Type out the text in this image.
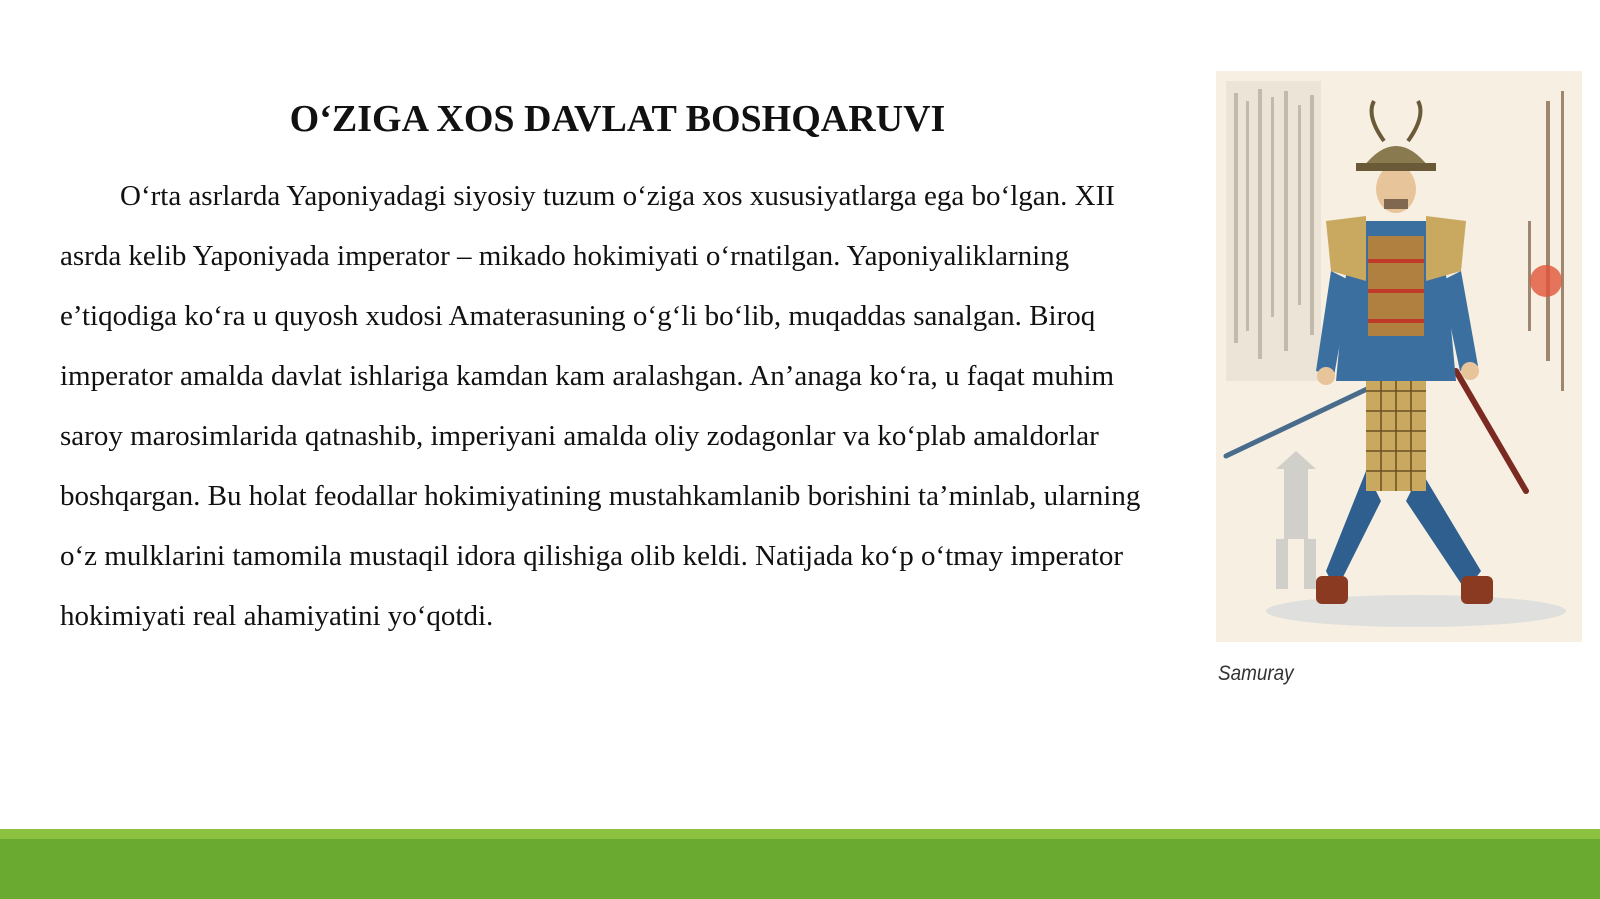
O‘ZIGA XOS DAVLAT BOSHQARUVI

O‘rta asrlarda Yaponiyadagi siyosiy tuzum o‘ziga xos xususiyatlarga ega bo‘lgan. XII asrda kelib Yaponiyada imperator – mikado hokimiyati o‘rnatilgan. Yaponiyaliklarning e’tiqodiga ko‘ra u quyosh xudosi Amaterasuning o‘g‘li bo‘lib, muqaddas sanalgan. Biroq imperator amalda davlat ishlariga kamdan kam aralashgan. An’anaga ko‘ra, u faqat muhim saroy marosimlarida qatnashib, imperiyani amalda oliy zodagonlar va ko‘plab amaldorlar boshqargan. Bu holat feodallar hokimiyatining mustahkamlanib borishini ta’minlab, ularning o‘z mulklarini tamomila mustaqil idora qilishiga olib keldi. Natijada ko‘p o‘tmay imperator hokimiyati real ahamiyatini yo‘qotdi.

Samuray
